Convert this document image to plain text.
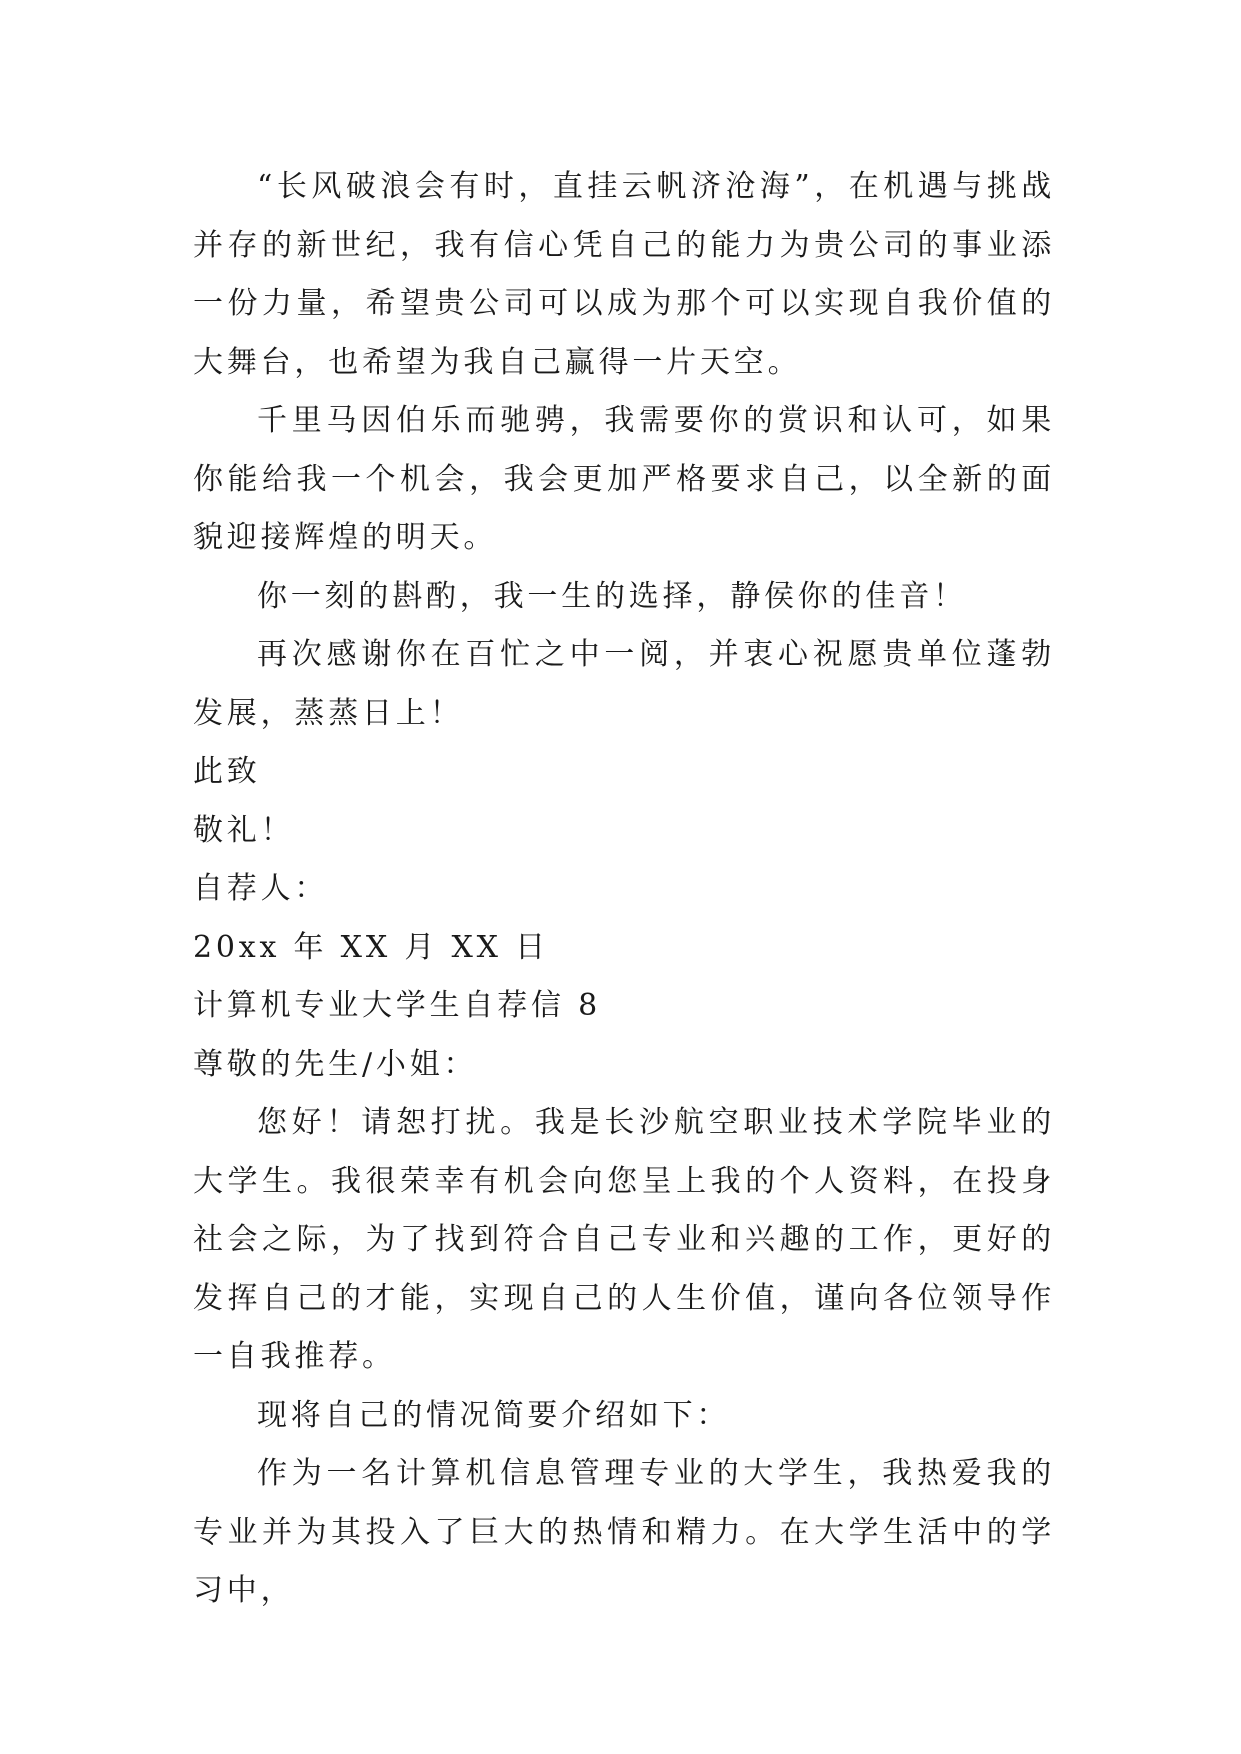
“长风破浪会有时，直挂云帆济沧海”，在机遇与挑战并存的新世纪，我有信心凭自己的能力为贵公司的事业添一份力量，希望贵公司可以成为那个可以实现自我价值的大舞台，也希望为我自己赢得一片天空。

千里马因伯乐而驰骋，我需要你的赏识和认可，如果你能给我一个机会，我会更加严格要求自己，以全新的面貌迎接辉煌的明天。

你一刻的斟酌，我一生的选择，静侯你的佳音！

再次感谢你在百忙之中一阅，并衷心祝愿贵单位蓬勃发展，蒸蒸日上！

此致

敬礼！

自荐人：

20xx 年 XX 月 XX 日

计算机专业大学生自荐信 8

尊敬的先生/小姐：

您好！请恕打扰。我是长沙航空职业技术学院毕业的大学生。我很荣幸有机会向您呈上我的个人资料，在投身社会之际，为了找到符合自己专业和兴趣的工作，更好的发挥自己的才能，实现自己的人生价值，谨向各位领导作一自我推荐。

现将自己的情况简要介绍如下：

作为一名计算机信息管理专业的大学生，我热爱我的专业并为其投入了巨大的热情和精力。在大学生活中的学习中，
